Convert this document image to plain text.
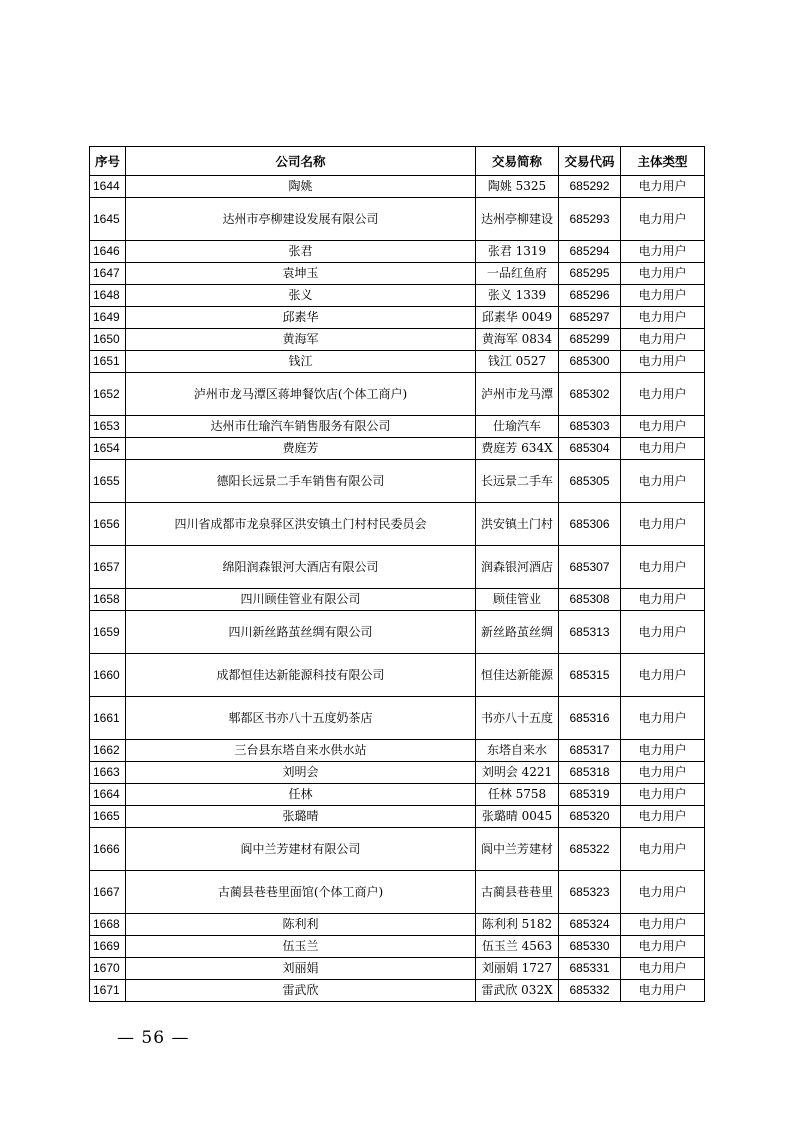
序号	公司名称	交易简称	交易代码	主体类型
1644	陶姚	陶姚 5325	685292	电力用户
1645	达州市亭柳建设发展有限公司	达州亭柳建设	685293	电力用户
1646	张君	张君 1319	685294	电力用户
1647	袁坤玉	一品红鱼府	685295	电力用户
1648	张义	张义 1339	685296	电力用户
1649	邱素华	邱素华 0049	685297	电力用户
1650	黄海军	黄海军 0834	685299	电力用户
1651	钱江	钱江 0527	685300	电力用户
1652	泸州市龙马潭区蒋坤餐饮店(个体工商户)	泸州市龙马潭	685302	电力用户
1653	达州市仕瑜汽车销售服务有限公司	仕瑜汽车	685303	电力用户
1654	费庭芳	费庭芳 634X	685304	电力用户
1655	德阳长远景二手车销售有限公司	长远景二手车	685305	电力用户
1656	四川省成都市龙泉驿区洪安镇土门村村民委员会	洪安镇土门村	685306	电力用户
1657	绵阳润森银河大酒店有限公司	润森银河酒店	685307	电力用户
1658	四川顾佳管业有限公司	顾佳管业	685308	电力用户
1659	四川新丝路茧丝绸有限公司	新丝路茧丝绸	685313	电力用户
1660	成都恒佳达新能源科技有限公司	恒佳达新能源	685315	电力用户
1661	郫都区书亦八十五度奶茶店	书亦八十五度	685316	电力用户
1662	三台县东塔自来水供水站	东塔自来水	685317	电力用户
1663	刘明会	刘明会 4221	685318	电力用户
1664	任林	任林 5758	685319	电力用户
1665	张璐晴	张璐晴 0045	685320	电力用户
1666	阆中兰芳建材有限公司	阆中兰芳建材	685322	电力用户
1667	古蔺县巷巷里面馆(个体工商户)	古蔺县巷巷里	685323	电力用户
1668	陈利利	陈利利 5182	685324	电力用户
1669	伍玉兰	伍玉兰 4563	685330	电力用户
1670	刘丽娟	刘丽娟 1727	685331	电力用户
1671	雷武欣	雷武欣 032X	685332	电力用户
— 56 —
